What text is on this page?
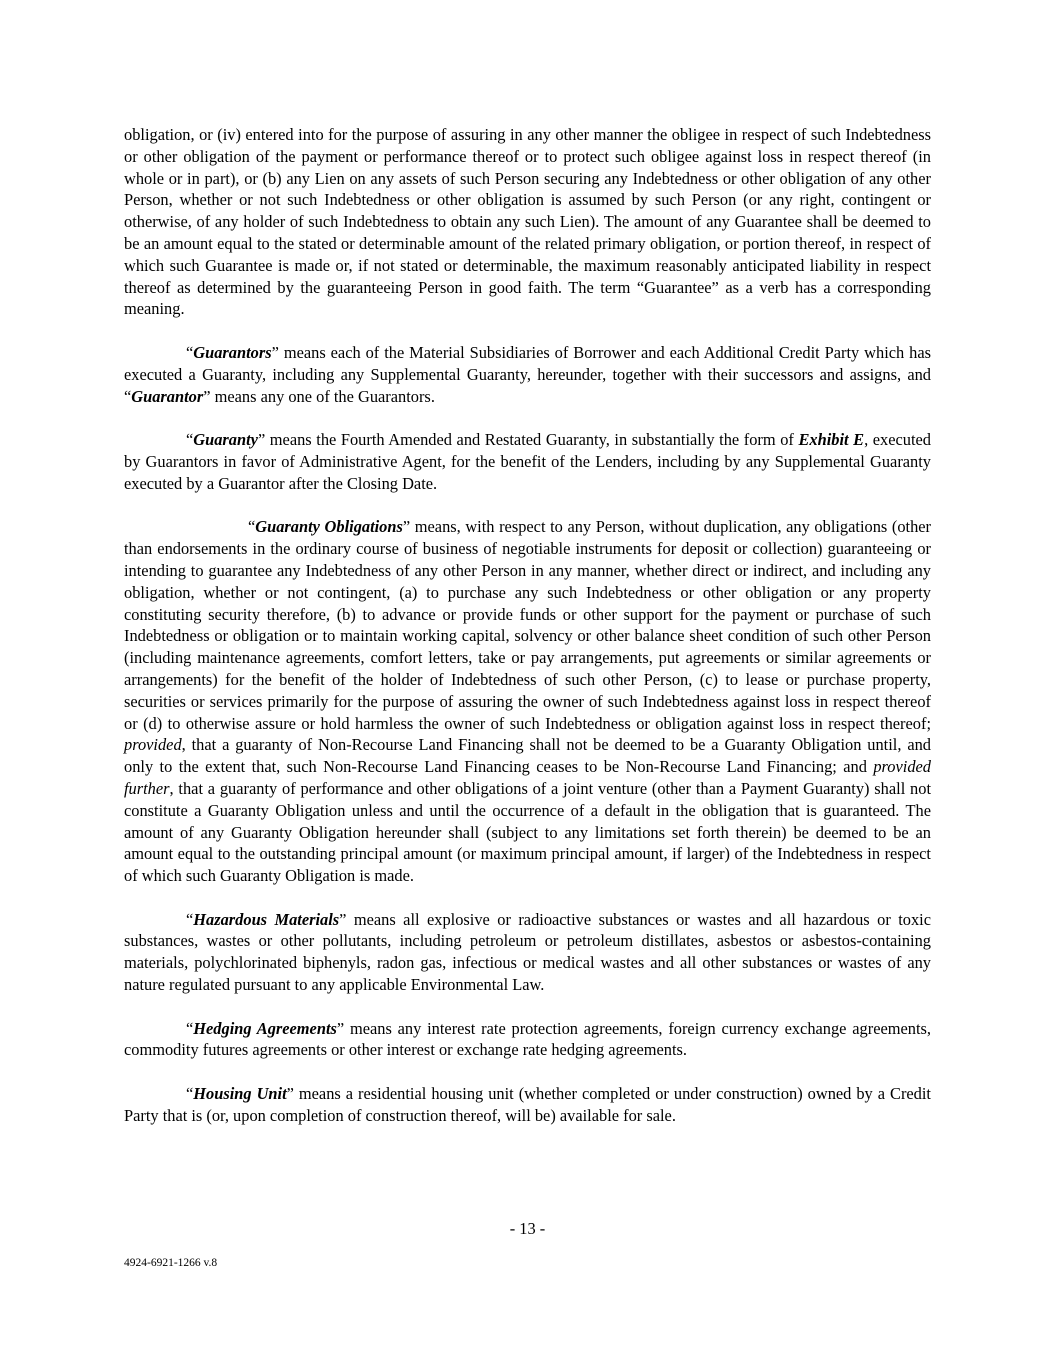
obligation, or (iv) entered into for the purpose of assuring in any other manner the obligee in respect of such Indebtedness or other obligation of the payment or performance thereof or to protect such obligee against loss in respect thereof (in whole or in part), or (b) any Lien on any assets of such Person securing any Indebtedness or other obligation of any other Person, whether or not such Indebtedness or other obligation is assumed by such Person (or any right, contingent or otherwise, of any holder of such Indebtedness to obtain any such Lien). The amount of any Guarantee shall be deemed to be an amount equal to the stated or determinable amount of the related primary obligation, or portion thereof, in respect of which such Guarantee is made or, if not stated or determinable, the maximum reasonably anticipated liability in respect thereof as determined by the guaranteeing Person in good faith. The term “Guarantee” as a verb has a corresponding meaning.

“Guarantors” means each of the Material Subsidiaries of Borrower and each Additional Credit Party which has executed a Guaranty, including any Supplemental Guaranty, hereunder, together with their successors and assigns, and “Guarantor” means any one of the Guarantors.

“Guaranty” means the Fourth Amended and Restated Guaranty, in substantially the form of Exhibit E, executed by Guarantors in favor of Administrative Agent, for the benefit of the Lenders, including by any Supplemental Guaranty executed by a Guarantor after the Closing Date.

“Guaranty Obligations” means, with respect to any Person, without duplication, any obligations (other than endorsements in the ordinary course of business of negotiable instruments for deposit or collection) guaranteeing or intending to guarantee any Indebtedness of any other Person in any manner, whether direct or indirect, and including any obligation, whether or not contingent, (a) to purchase any such Indebtedness or other obligation or any property constituting security therefore, (b) to advance or provide funds or other support for the payment or purchase of such Indebtedness or obligation or to maintain working capital, solvency or other balance sheet condition of such other Person (including maintenance agreements, comfort letters, take or pay arrangements, put agreements or similar agreements or arrangements) for the benefit of the holder of Indebtedness of such other Person, (c) to lease or purchase property, securities or services primarily for the purpose of assuring the owner of such Indebtedness against loss in respect thereof or (d) to otherwise assure or hold harmless the owner of such Indebtedness or obligation against loss in respect thereof; provided, that a guaranty of Non-Recourse Land Financing shall not be deemed to be a Guaranty Obligation until, and only to the extent that, such Non-Recourse Land Financing ceases to be Non-Recourse Land Financing; and provided further, that a guaranty of performance and other obligations of a joint venture (other than a Payment Guaranty) shall not constitute a Guaranty Obligation unless and until the occurrence of a default in the obligation that is guaranteed. The amount of any Guaranty Obligation hereunder shall (subject to any limitations set forth therein) be deemed to be an amount equal to the outstanding principal amount (or maximum principal amount, if larger) of the Indebtedness in respect of which such Guaranty Obligation is made.

“Hazardous Materials” means all explosive or radioactive substances or wastes and all hazardous or toxic substances, wastes or other pollutants, including petroleum or petroleum distillates, asbestos or asbestos-containing materials, polychlorinated biphenyls, radon gas, infectious or medical wastes and all other substances or wastes of any nature regulated pursuant to any applicable Environmental Law.

“Hedging Agreements” means any interest rate protection agreements, foreign currency exchange agreements, commodity futures agreements or other interest or exchange rate hedging agreements.

“Housing Unit” means a residential housing unit (whether completed or under construction) owned by a Credit Party that is (or, upon completion of construction thereof, will be) available for sale.

- 13 -
4924-6921-1266 v.8
